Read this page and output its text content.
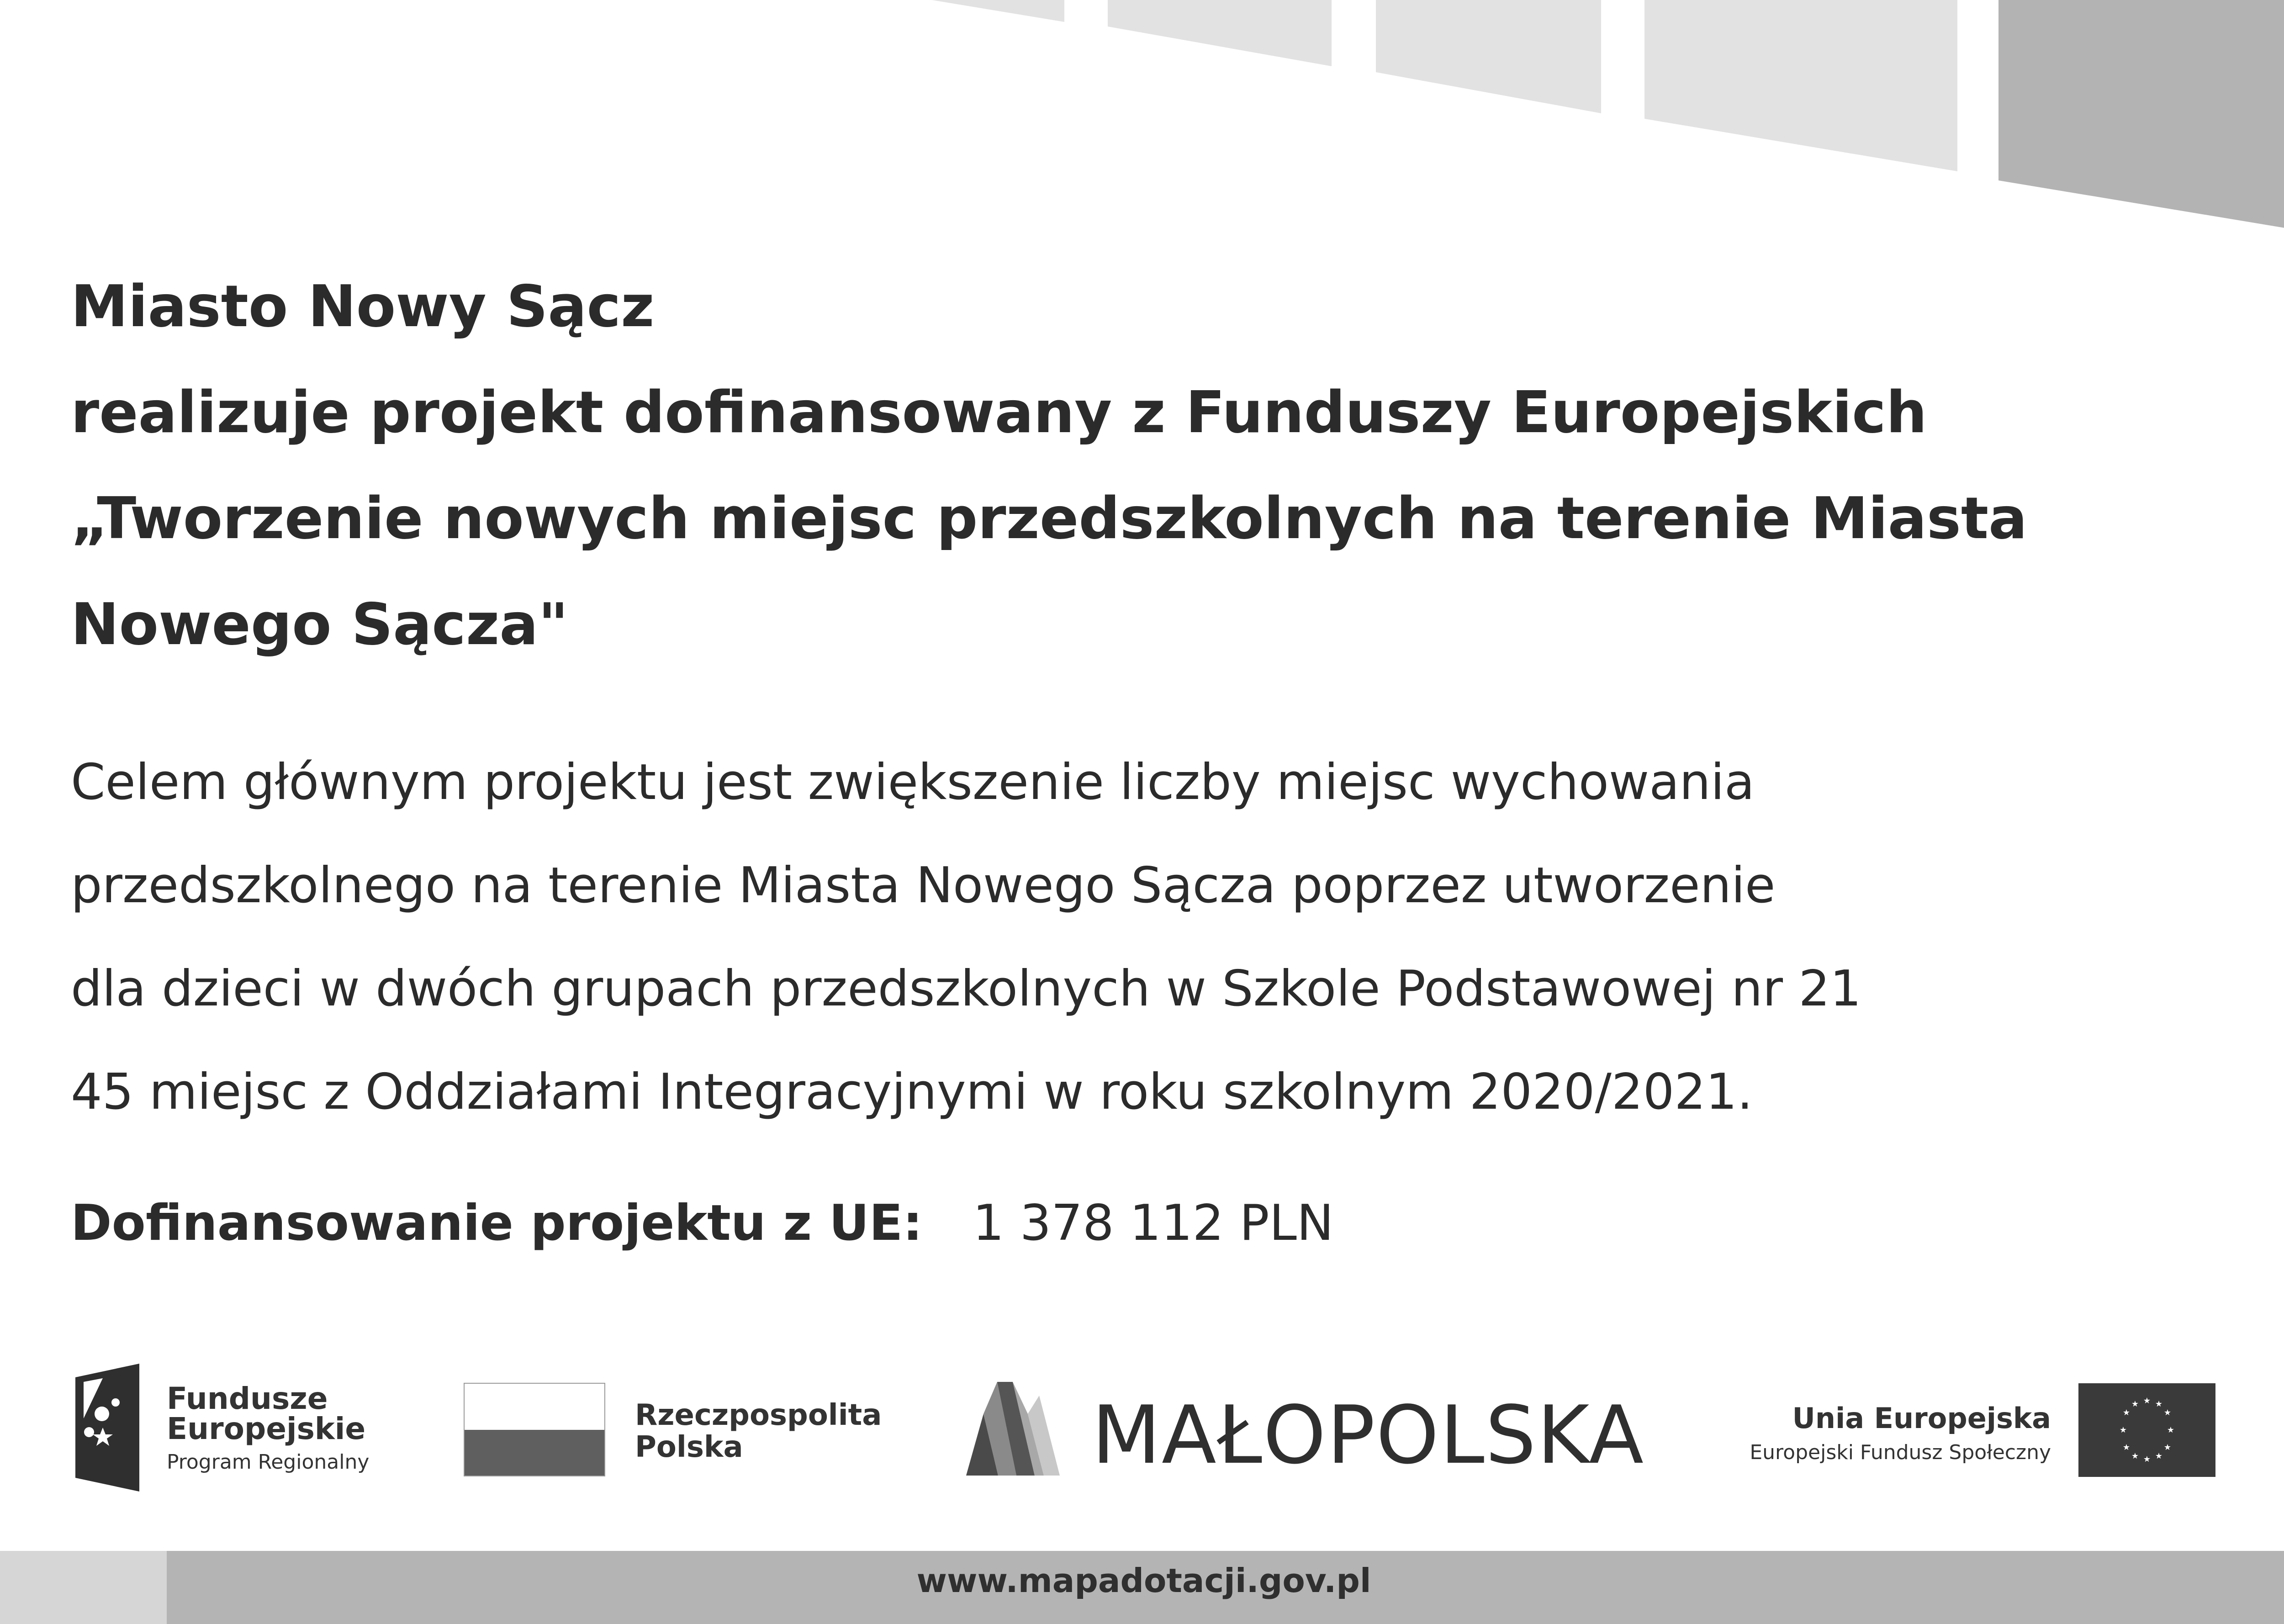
Miasto Nowy Sącz
realizuje projekt dofinansowany z Funduszy Europejskich
„Tworzenie nowych miejsc przedszkolnych na terenie Miasta
Nowego Sącza"

Celem głównym projektu jest zwiększenie liczby miejsc wychowania
przedszkolnego na terenie Miasta Nowego Sącza poprzez utworzenie
dla dzieci w dwóch grupach przedszkolnych w Szkole Podstawowej nr 21
45 miejsc z Oddziałami Integracyjnymi w roku szkolnym 2020/2021.

Dofinansowanie projektu z UE: 1 378 112 PLN
Fundusze
Europejskie
Program Regionalny
Rzeczpospolita
Polska	MAŁOPOLSKA	Unia Europejska
Europejski Fundusz Społeczny
★ ★
★
★
★
★
★
★
★
★
★
★
www.mapadotacji.gov.pl
